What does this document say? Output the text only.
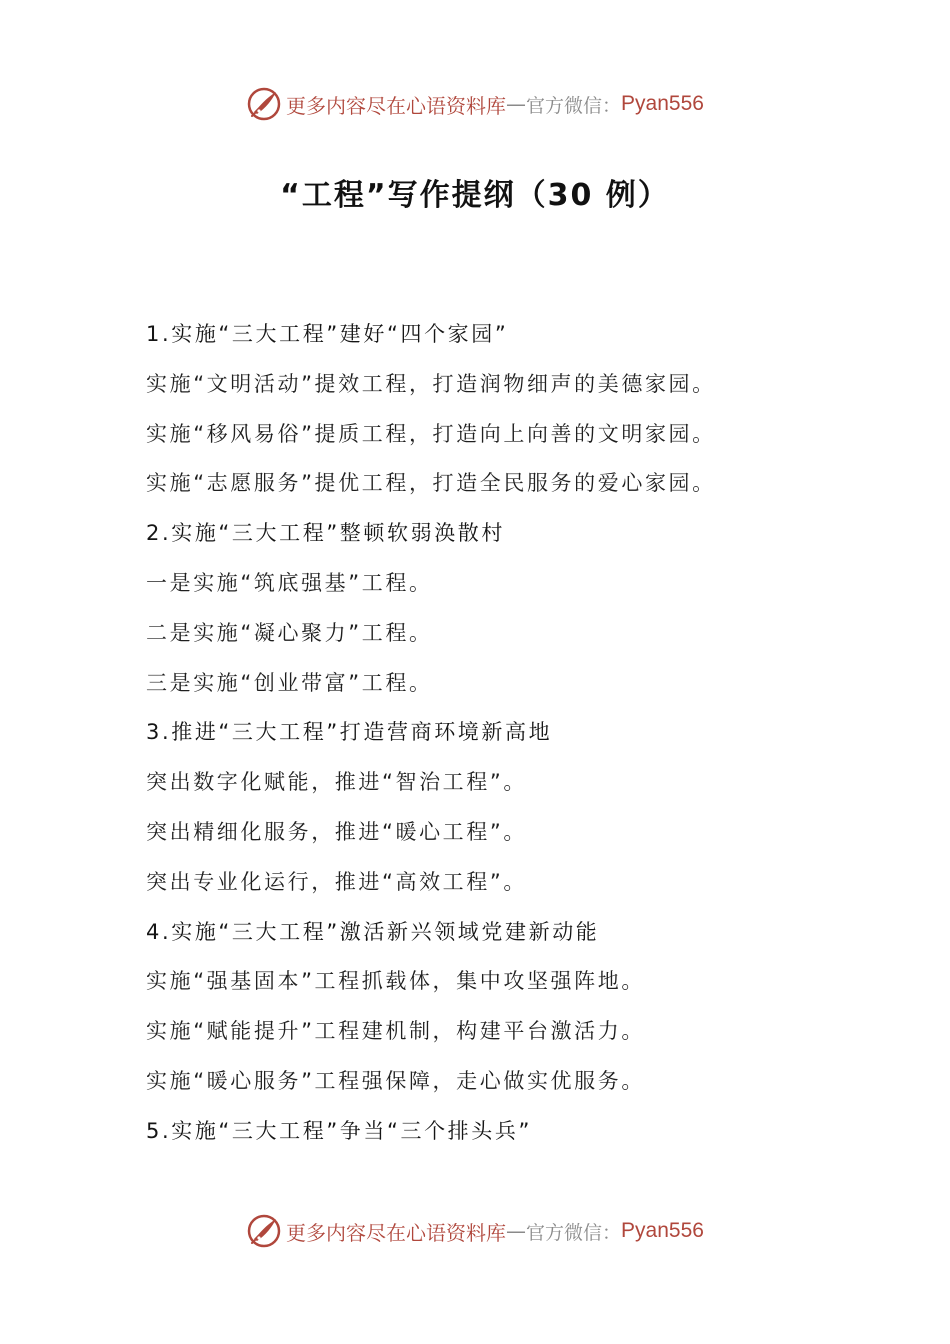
更多内容尽在心语资料库 — 官方微信： Pyan556
“工程”写作提纲（30 例）
1.实施“三大工程”建好“四个家园”
实施“文明活动”提效工程，打造润物细声的美德家园。
实施“移风易俗”提质工程，打造向上向善的文明家园。
实施“志愿服务”提优工程，打造全民服务的爱心家园。
2.实施“三大工程”整顿软弱涣散村
一是实施“筑底强基”工程。
二是实施“凝心聚力”工程。
三是实施“创业带富”工程。
3.推进“三大工程”打造营商环境新高地
突出数字化赋能，推进“智治工程”。
突出精细化服务，推进“暖心工程”。
突出专业化运行，推进“高效工程”。
4.实施“三大工程”激活新兴领域党建新动能
实施“强基固本”工程抓载体，集中攻坚强阵地。
实施“赋能提升”工程建机制，构建平台激活力。
实施“暖心服务”工程强保障，走心做实优服务。
5.实施“三大工程”争当“三个排头兵”
更多内容尽在心语资料库 — 官方微信： Pyan556
